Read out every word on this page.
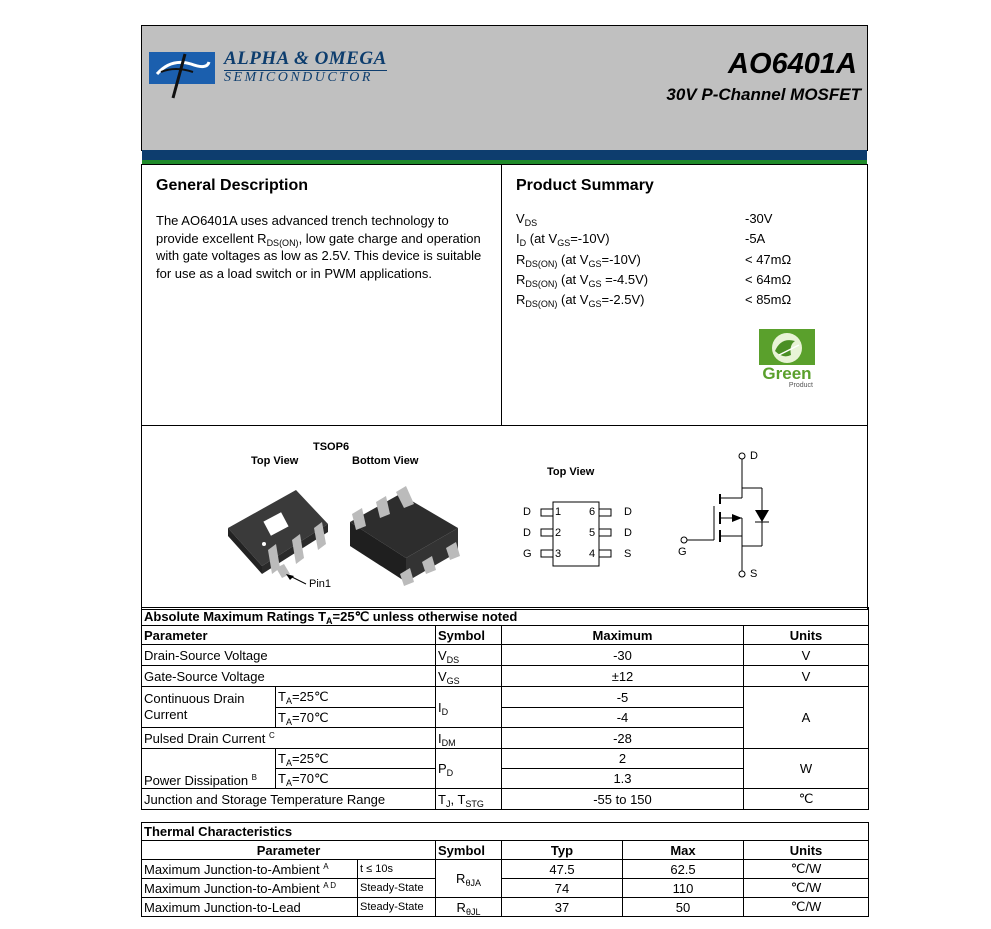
ALPHA & OMEGA
SEMICONDUCTOR	AO6401A
30V P-Channel MOSFET
General Description
The AO6401A uses advanced trench technology to
provide excellent $R_{DS(ON)}$, low gate charge and operation
with gate voltages as low as 2.5V. This device is suitable
for use as a load switch or in PWM applications.
Product Summary
$V_{DS}$	-30V
$I_D$ (at $V_{GS}=-10V$)	-5A
$R_{DS(ON)}$ (at $V_{GS}=-10V$)	< 47mΩ
$R_{DS(ON)}$ (at $V_{GS} =-4.5V$)	< 64mΩ
$R_{DS(ON)}$ (at $V_{GS}=-2.5V$)	< 85mΩ
Green
Product
TSOP6
Top View	Bottom View
Pin1
Top View
D 1
D 2
G 3
6	D
5	D
4	S
D
G
S
Absolute Maximum Ratings $T_A=25℃$ unless otherwise noted				
Parameter		Symbol	Maximum	Units
Drain-Source Voltage		$V_{DS}$	-30	V
Gate-Source Voltage		$V_{GS}$	±12	V

Continuous Drain
Current	$T_A=25℃$	$I_D$	-5	A
	$T_A=70℃$		-4	
Pulsed Drain Current $^C$		$I_{DM}$	-28	
Power Dissipation $^B$	$T_A=25℃$	$P_D$	2	W
	$T_A=70℃$		1.3	
Junction and Storage Temperature Range		$T_J$, $T_{STG}$	-55 to 150	℃
Thermal Characteristics					
Parameter		Symbol	Typ	Max	Units
Maximum Junction-to-Ambient $^A$	t ≤ 10s	$R_{\theta JA}$	47.5	62.5	℃/W
Maximum Junction-to-Ambient $^{A D}$	Steady-State		74	110	℃/W
Maximum Junction-to-Lead	Steady-State	$R_{\theta JL}$	37	50	℃/W
